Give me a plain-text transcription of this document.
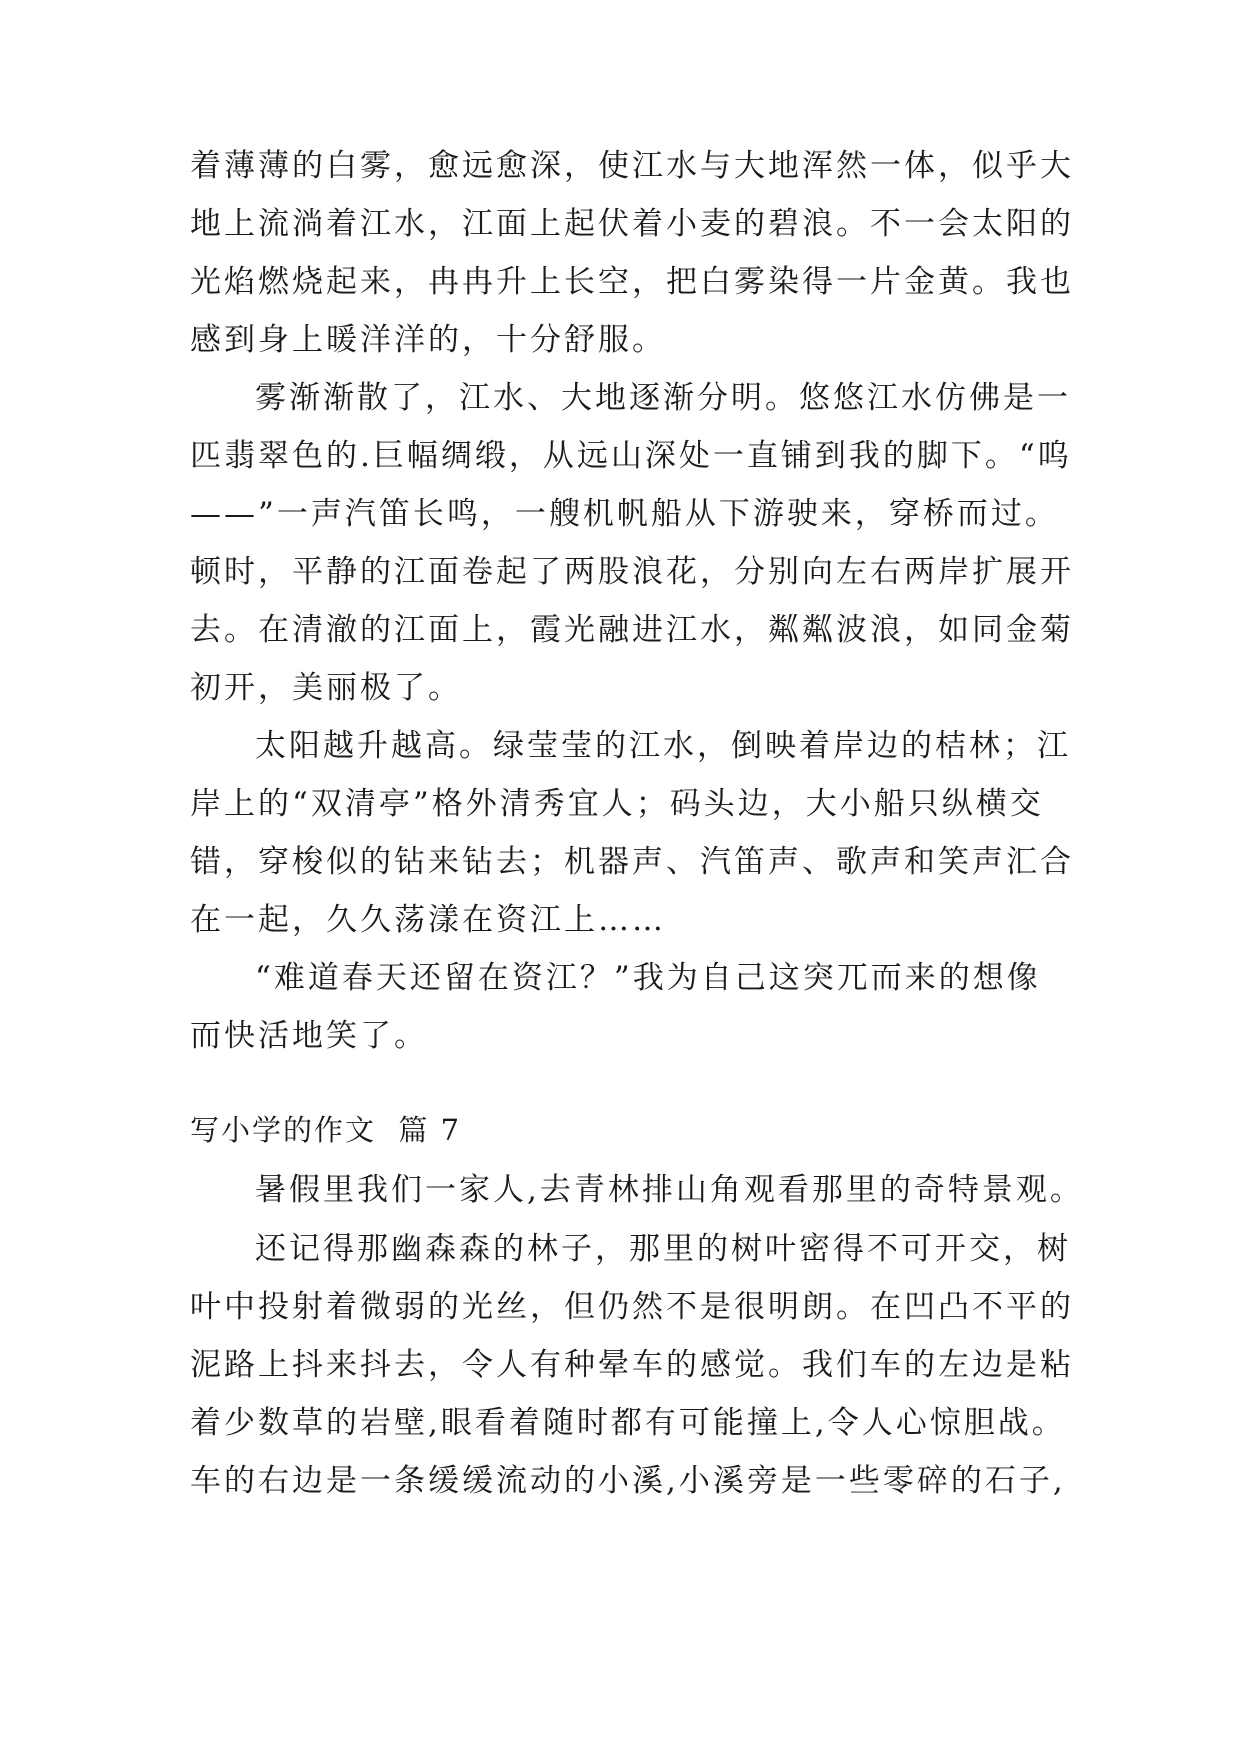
着薄薄的白雾，愈远愈深，使江水与大地浑然一体，似乎大
地上流淌着江水，江面上起伏着小麦的碧浪。不一会太阳的
光焰燃烧起来，冉冉升上长空，把白雾染得一片金黄。我也
感到身上暖洋洋的，十分舒服。
雾渐渐散了，江水、大地逐渐分明。悠悠江水仿佛是一
匹翡翠色的.巨幅绸缎，从远山深处一直铺到我的脚下。“呜
——”一声汽笛长鸣，一艘机帆船从下游驶来，穿桥而过。
顿时，平静的江面卷起了两股浪花，分别向左右两岸扩展开
去。在清澈的江面上，霞光融进江水，粼粼波浪，如同金菊
初开，美丽极了。
太阳越升越高。绿莹莹的江水，倒映着岸边的桔林；江
岸上的“双清亭”格外清秀宜人；码头边，大小船只纵横交
错，穿梭似的钻来钻去；机器声、汽笛声、歌声和笑声汇合
在一起，久久荡漾在资江上……
“难道春天还留在资江？”我为自己这突兀而来的想像
而快活地笑了。
写小学的作文  篇 7
暑假里我们一家人,去青林排山角观看那里的奇特景观。
还记得那幽森森的林子，那里的树叶密得不可开交，树
叶中投射着微弱的光丝，但仍然不是很明朗。在凹凸不平的
泥路上抖来抖去，令人有种晕车的感觉。我们车的左边是粘
着少数草的岩壁,眼看着随时都有可能撞上,令人心惊胆战。
车的右边是一条缓缓流动的小溪,小溪旁是一些零碎的石子,
